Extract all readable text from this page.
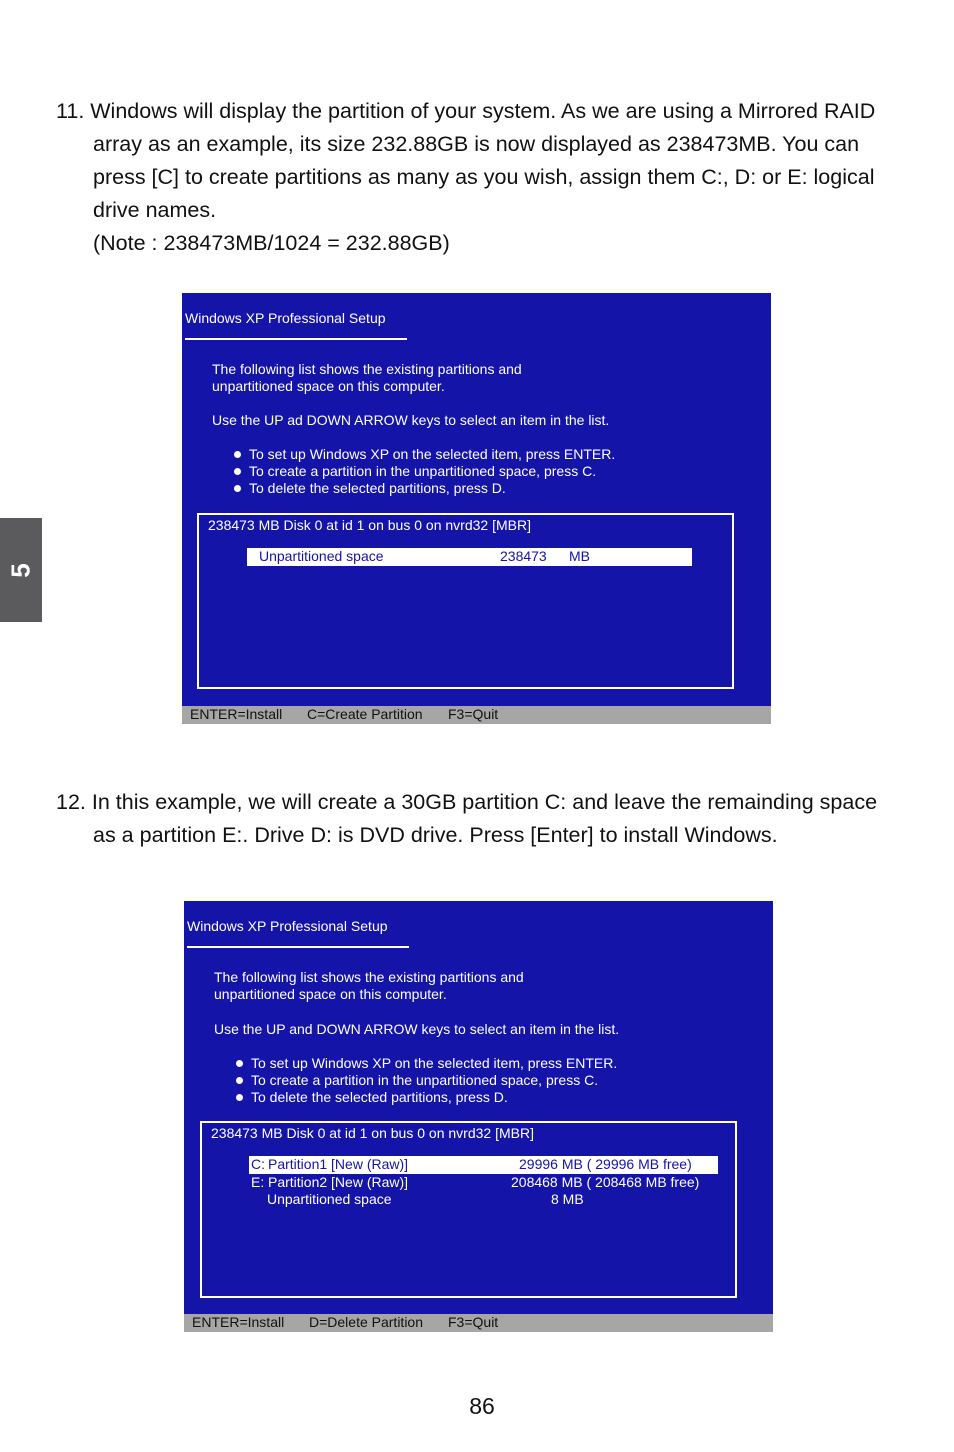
5

11. Windows will display the partition of your system. As we are using a Mirrored RAID

array as an example, its size 232.88GB is now displayed as 238473MB. You can

press [C] to create partitions as many as you wish, assign them C:, D: or E: logical

drive names.

(Note : 238473MB/1024 = 232.88GB)

Windows XP Professional Setup
The following list shows the existing partitions and
unpartitioned space on this computer.
Use the UP ad DOWN ARROW keys to select an item in the list.
To set up Windows XP on the selected item, press ENTER.
To create a partition in the unpartitioned space, press C.
To delete the selected partitions, press D.
238473 MB Disk 0 at id 1 on bus 0 on nvrd32 [MBR]
Unpartitioned space	238473 MB
ENTER=Install C=Create Partition F3=Quit

12. In this example, we will create a 30GB partition C: and leave the remainding space

as a partition E:. Drive D: is DVD drive. Press [Enter] to install Windows.

Windows XP Professional Setup
The following list shows the existing partitions and
unpartitioned space on this computer.
Use the UP and DOWN ARROW keys to select an item in the list.
To set up Windows XP on the selected item, press ENTER.
To create a partition in the unpartitioned space, press C.
To delete the selected partitions, press D.
238473 MB Disk 0 at id 1 on bus 0 on nvrd32 [MBR]
C: Partition1 [New (Raw)]	29996 MB ( 29996 MB free)
E: Partition2 [New (Raw)]	208468 MB ( 208468 MB free)
Unpartitioned space	8 MB
ENTER=Install D=Delete Partition F3=Quit
86
